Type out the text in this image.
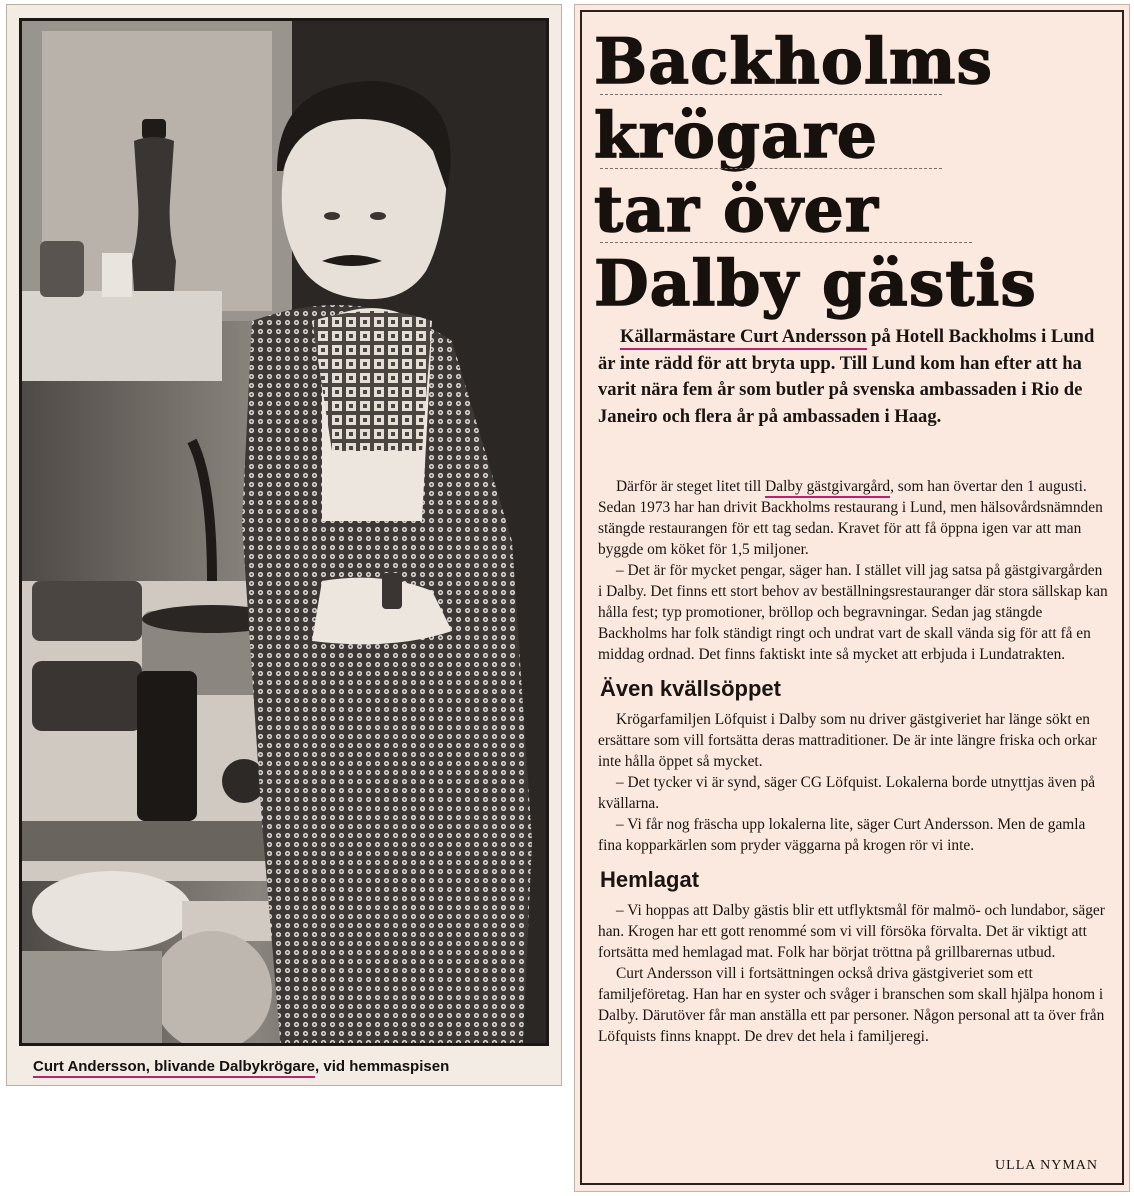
Curt Andersson, blivande Dalbykrögare, vid hemmaspisen
Backholms
krögare
tar över
Dalby gästis

Källarmästare Curt Andersson på Hotell Backholms i Lund är inte rädd för att bryta upp. Till Lund kom han efter att ha varit nära fem år som butler på svenska ambassaden i Rio de Janeiro och flera år på ambassaden i Haag.

Därför är steget litet till Dalby gästgivargård, som han övertar den 1 augusti. Sedan 1973 har han drivit Backholms restaurang i Lund, men hälsovårdsnämnden stängde restaurangen för ett tag sedan. Kravet för att få öppna igen var att man byggde om köket för 1,5 miljoner.

– Det är för mycket pengar, säger han. I stället vill jag satsa på gästgivargården i Dalby. Det finns ett stort behov av beställningsrestauranger där stora sällskap kan hålla fest; typ promotioner, bröllop och begravningar. Sedan jag stängde Backholms har folk ständigt ringt och undrat vart de skall vända sig för att få en middag ordnad. Det finns faktiskt inte så mycket att erbjuda i Lundatrakten.

Även kvällsöppet

Krögarfamiljen Löfquist i Dalby som nu driver gästgiveriet har länge sökt en ersättare som vill fortsätta deras mattraditioner. De är inte längre friska och orkar inte hålla öppet så mycket.

– Det tycker vi är synd, säger CG Löfquist. Lokalerna borde utnyttjas även på kvällarna.

– Vi får nog fräscha upp lokalerna lite, säger Curt Andersson. Men de gamla fina kopparkärlen som pryder väggarna på krogen rör vi inte.

Hemlagat

– Vi hoppas att Dalby gästis blir ett utflyktsmål för malmö- och lundabor, säger han. Krogen har ett gott renommé som vi vill försöka förvalta. Det är viktigt att fortsätta med hemlagad mat. Folk har börjat tröttna på grillbarernas utbud.

Curt Andersson vill i fortsättningen också driva gästgiveriet som ett familjeföretag. Han har en syster och svåger i branschen som skall hjälpa honom i Dalby. Därutöver får man anställa ett par personer. Någon personal att ta över från Löfquists finns knappt. De drev det hela i familjeregi.

ULLA NYMAN
